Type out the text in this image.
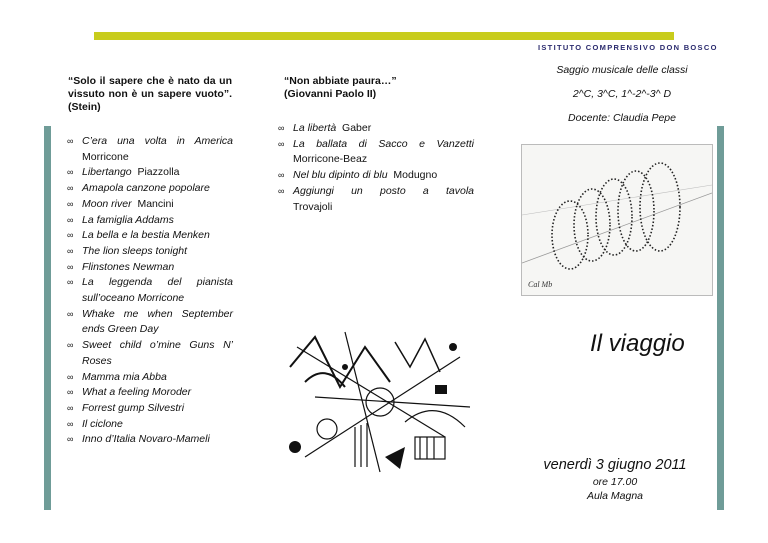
ISTITUTO COMPRENSIVO DON BOSCO
“Solo il sapere che è nato da un vissuto non è un sapere vuoto”. (Stein)
∞ C’era una volta in America
Morricone
∞ Libertango Piazzolla
∞ Amapola canzone popolare
∞ Moon river Mancini
∞ La famiglia Addams
∞ La bella e la bestia Menken
∞ The lion sleeps tonight
∞ Flinstones Newman
∞ La leggenda del pianista
sull’oceano Morricone
∞ Whake me when September
ends Green Day
∞ Sweet child o’mine Guns N’
Roses
∞ Mamma mia Abba
∞ What a feeling Moroder
∞ Forrest gump Silvestri
∞ Il ciclone
∞ Inno d’Italia Novaro-Mameli
“Non abbiate paura…” (Giovanni Paolo II)
∞ La libertà Gaber
∞ La ballata di Sacco e Vanzetti
Morricone-Beaz
∞ Nel blu dipinto di blu Modugno
∞ Aggiungi un posto a tavola
Trovajoli
Cal Mb
Saggio musicale delle classi
2^C, 3^C, 1^-2^-3^ D
Docente: Claudia Pepe
Il viaggio
venerdì 3 giugno 2011
ore 17.00
Aula Magna
